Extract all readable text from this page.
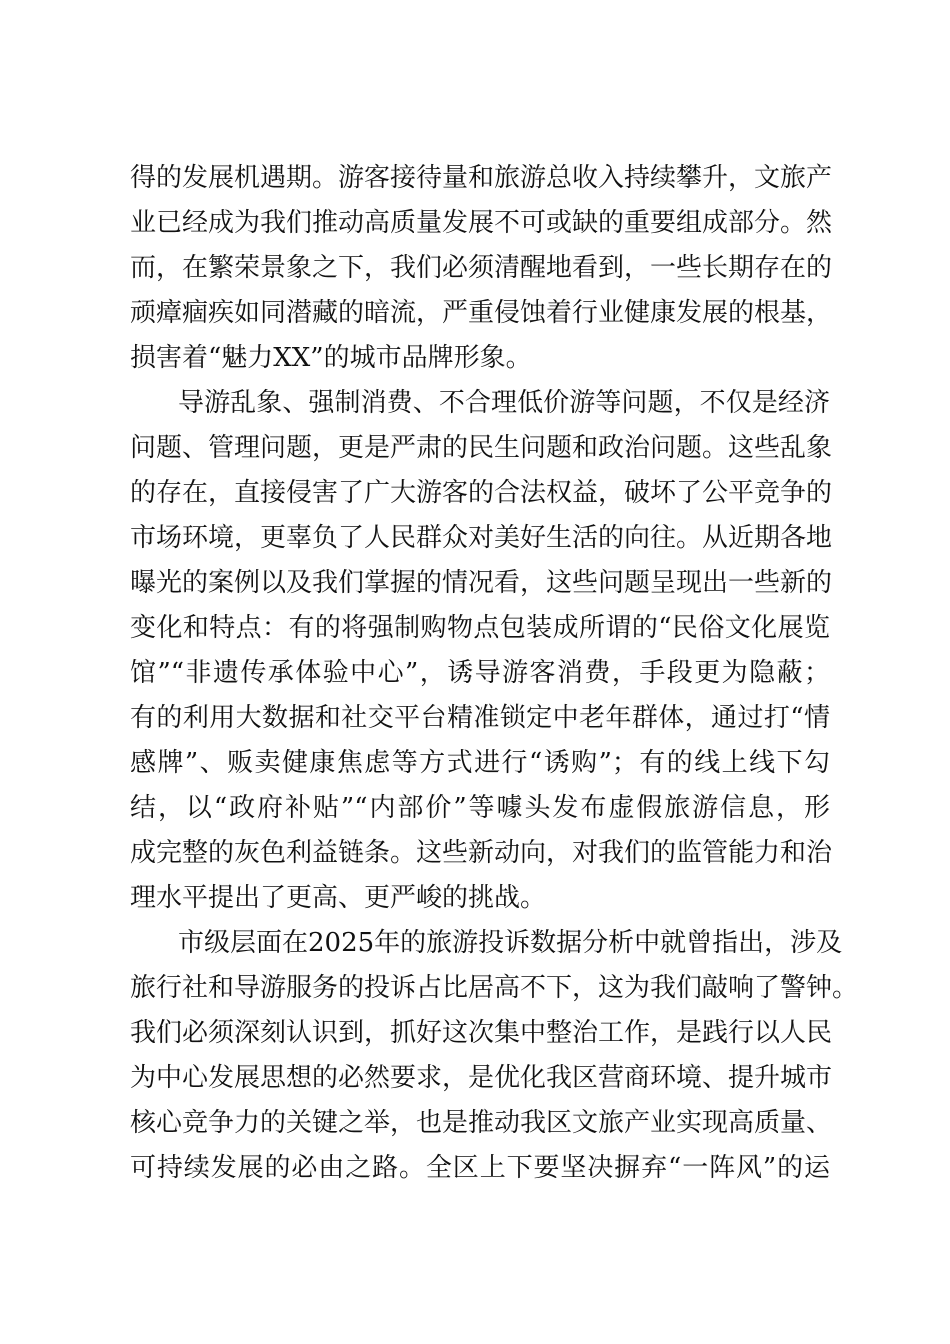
得的发展机遇期。游客接待量和旅游总收入持续攀升，文旅产
业已经成为我们推动高质量发展不可或缺的重要组成部分。然
而，在繁荣景象之下，我们必须清醒地看到，一些长期存在的
顽瘴痼疾如同潜藏的暗流，严重侵蚀着行业健康发展的根基，
损害着“魅力XX”的城市品牌形象。
导游乱象、强制消费、不合理低价游等问题，不仅是经济
问题、管理问题，更是严肃的民生问题和政治问题。这些乱象
的存在，直接侵害了广大游客的合法权益，破坏了公平竞争的
市场环境，更辜负了人民群众对美好生活的向往。从近期各地
曝光的案例以及我们掌握的情况看，这些问题呈现出一些新的
变化和特点：有的将强制购物点包装成所谓的“民俗文化展览
馆”“非遗传承体验中心”，诱导游客消费，手段更为隐蔽；
有的利用大数据和社交平台精准锁定中老年群体，通过打“情
感牌”、贩卖健康焦虑等方式进行“诱购”；有的线上线下勾
结，以“政府补贴”“内部价”等噱头发布虚假旅游信息，形
成完整的灰色利益链条。这些新动向，对我们的监管能力和治
理水平提出了更高、更严峻的挑战。
市级层面在2025年的旅游投诉数据分析中就曾指出，涉及
旅行社和导游服务的投诉占比居高不下，这为我们敲响了警钟。
我们必须深刻认识到，抓好这次集中整治工作，是践行以人民
为中心发展思想的必然要求，是优化我区营商环境、提升城市
核心竞争力的关键之举，也是推动我区文旅产业实现高质量、
可持续发展的必由之路。全区上下要坚决摒弃“一阵风”的运
